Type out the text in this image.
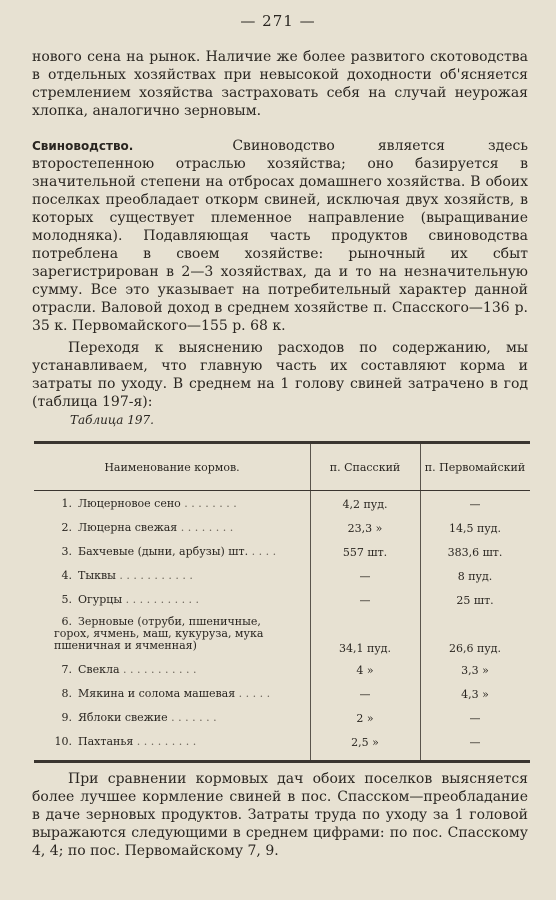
— 271 —
нового сена на рынок. Наличие же более развитого скотоводства в отдельных хозяйствах при невысокой доходности об'ясняется стремлением хозяйства застраховать себя на случай неурожая хлопка, аналогично зерновым.
Свиноводство.	Свиноводство является здесь второстепенною отраслью хозяйства; оно базируется в значительной степени на отбросах домашнего хозяйства. В обоих поселках преобладает откорм свиней, исключая двух хозяйств, в которых существует племенное направление (выращивание молодняка). Подавляющая часть продуктов свиноводства потреблена в своем хозяйстве: рыночный их сбыт зарегистрирован в 2—3 хозяйствах, да и то на незначительную сумму. Все это указывает на потребительный характер данной отрасли. Валовой доход в среднем хозяйстве п. Спасского—136 р. 35 к. Первомайского—155 р. 68 к.
Переходя к выяснению расходов по содержанию, мы устанавливаем, что главную часть их составляют корма и затраты по уходу. В среднем на 1 голову свиней затрачено в год (таблица 197-я):
Таблица 197.
Наименование кормов.	п. Спасский	п. Первомайский
1. Люцерновое сено . . . . . . . .	4,2 пуд.	—
2. Люцерна свежая . . . . . . . .	23,3 »	14,5 пуд.
3. Бахчевые (дыни, арбузы) шт. . . . .	557 шт.	383,6 шт.
4. Тыквы . . . . . . . . . . .	—	8 пуд.
5. Огурцы . . . . . . . . . . .	—	25 шт.
6. Зерновые (отруби, пшеничные, горох, ячмень, маш, кукуруза, мука пшеничная и ячменная)	34,1 пуд.	26,6 пуд.
7. Свекла . . . . . . . . . . .	4 »	3,3 »
8. Мякина и солома машевая . . . . .	—	4,3 »
9. Яблоки свежие . . . . . . .	2 »	—
10. Пахтанья . . . . . . . . .	2,5 »	—
При сравнении кормовых дач обоих поселков выясняется более лучшее кормление свиней в пос. Спасском—преобладание в даче зерновых продуктов. Затраты труда по уходу за 1 головой выражаются следующими в среднем цифрами: по пос. Спасскому 4, 4; по пос. Первомайскому 7, 9.
